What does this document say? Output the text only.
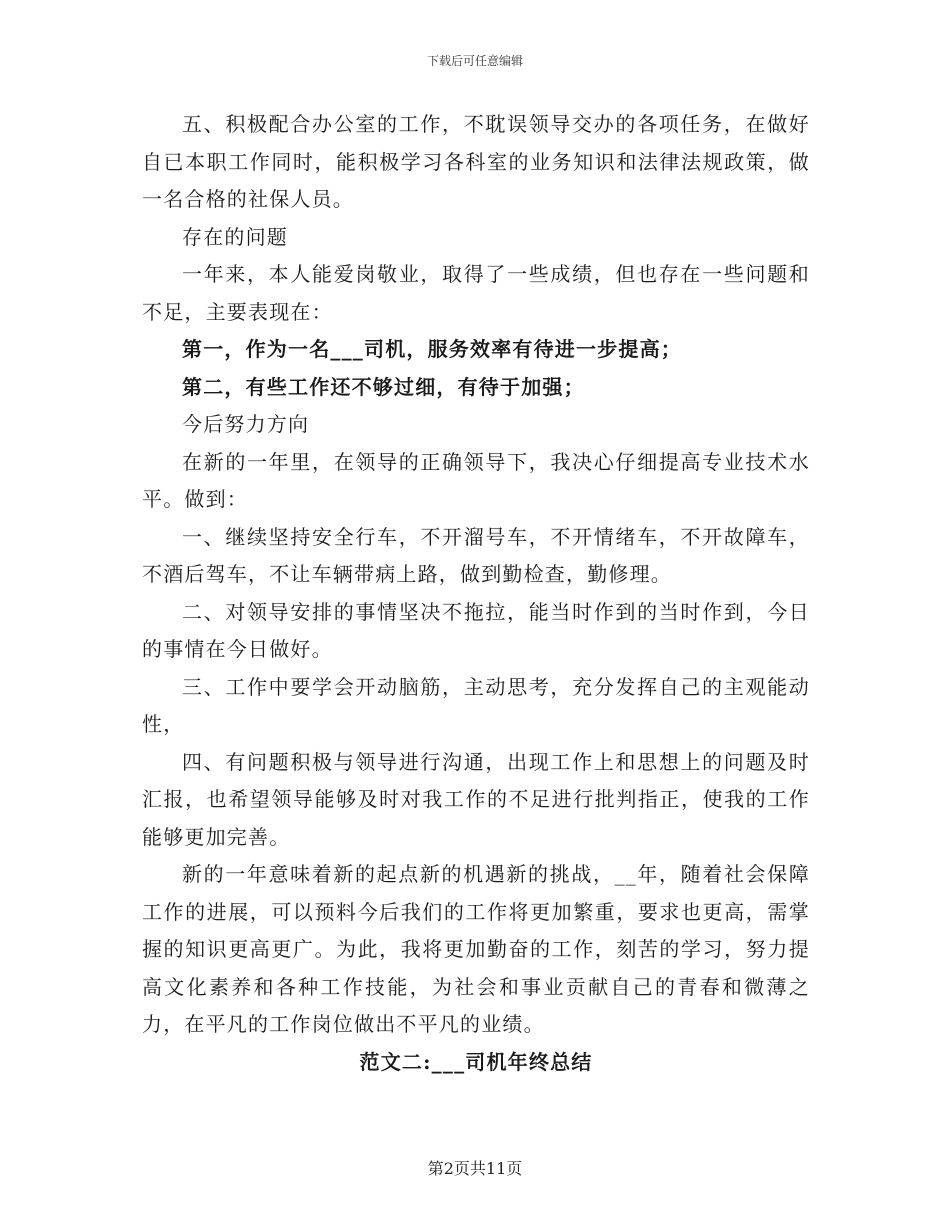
下载后可任意编辑

五、积极配合办公室的工作，不耽误领导交办的各项任务，在做好自已本职工作同时，能积极学习各科室的业务知识和法律法规政策，做一名合格的社保人员。

存在的问题

一年来，本人能爱岗敬业，取得了一些成绩，但也存在一些问题和不足，主要表现在：

第一，作为一名___司机，服务效率有待进一步提高；

第二，有些工作还不够过细，有待于加强；

今后努力方向

在新的一年里，在领导的正确领导下，我决心仔细提高专业技术水平。做到：

一、继续坚持安全行车，不开溜号车，不开情绪车，不开故障车，不酒后驾车，不让车辆带病上路，做到勤检查，勤修理。

二、对领导安排的事情坚决不拖拉，能当时作到的当时作到，今日的事情在今日做好。

三、工作中要学会开动脑筋，主动思考，充分发挥自己的主观能动性，

四、有问题积极与领导进行沟通，出现工作上和思想上的问题及时汇报，也希望领导能够及时对我工作的不足进行批判指正，使我的工作能够更加完善。

新的一年意味着新的起点新的机遇新的挑战，__年，随着社会保障工作的进展，可以预料今后我们的工作将更加繁重，要求也更高，需掌握的知识更高更广。为此，我将更加勤奋的工作，刻苦的学习，努力提高文化素养和各种工作技能，为社会和事业贡献自己的青春和微薄之力，在平凡的工作岗位做出不平凡的业绩。

范文二:___司机年终总结

第2页共11页
